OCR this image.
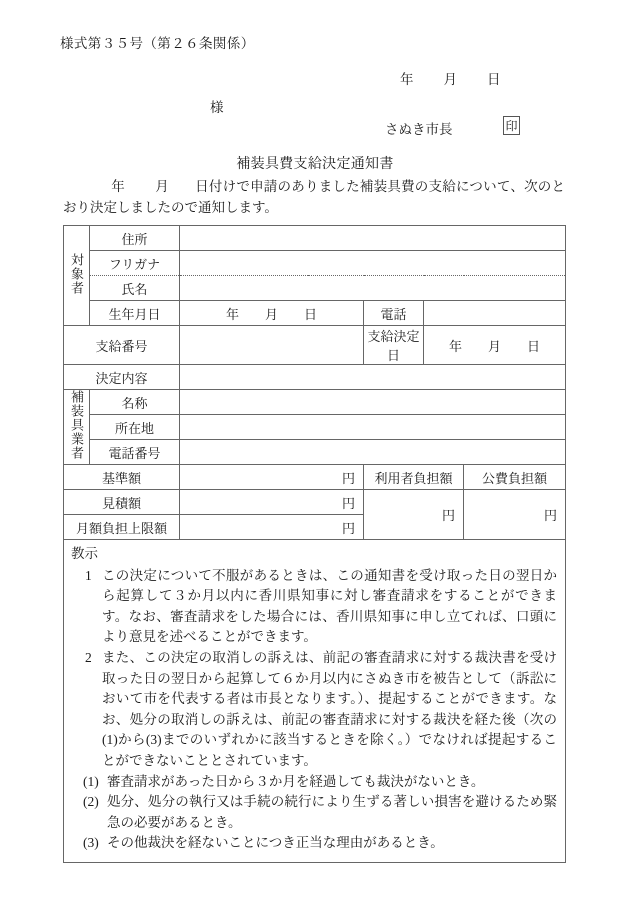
様式第３５号（第２６条関係）
年 月 日
様
さぬき市長	印
補装具費支給決定通知書
年 月 日付けで申請のありました補装具費の支給について、次のとおり決定しましたので通知します。
対象者	住所				
	フリガナ				
	氏名				
	生年月日	年 月 日	電話		
支給番号			支給決定日	年 月 日	
決定内容					
補装具業者	名称				
	所在地				
	電話番号				
基準額		円	利用者負担額		公費負担額
見積額		円	円		円
月額負担上限額		円			

教示
1 この決定について不服があるときは、この通知書を受け取った日の翌日から起算して３か月以内に香川県知事に対し審査請求をすることができます。なお、審査請求をした場合には、香川県知事に申し立てれば、口頭により意見を述べることができます。
2 また、この決定の取消しの訴えは、前記の審査請求に対する裁決書を受け取った日の翌日から起算して６か月以内にさぬき市を被告として（訴訟において市を代表する者は市長となります。）、提起することができます。なお、処分の取消しの訴えは、前記の審査請求に対する裁決を経た後（次の(1)から(3)までのいずれかに該当するときを除く。）でなければ提起することができないこととされています。
(1) 審査請求があった日から３か月を経過しても裁決がないとき。
(2) 処分、処分の執行又は手続の続行により生ずる著しい損害を避けるため緊急の必要があるとき。
(3) その他裁決を経ないことにつき正当な理由があるとき。
